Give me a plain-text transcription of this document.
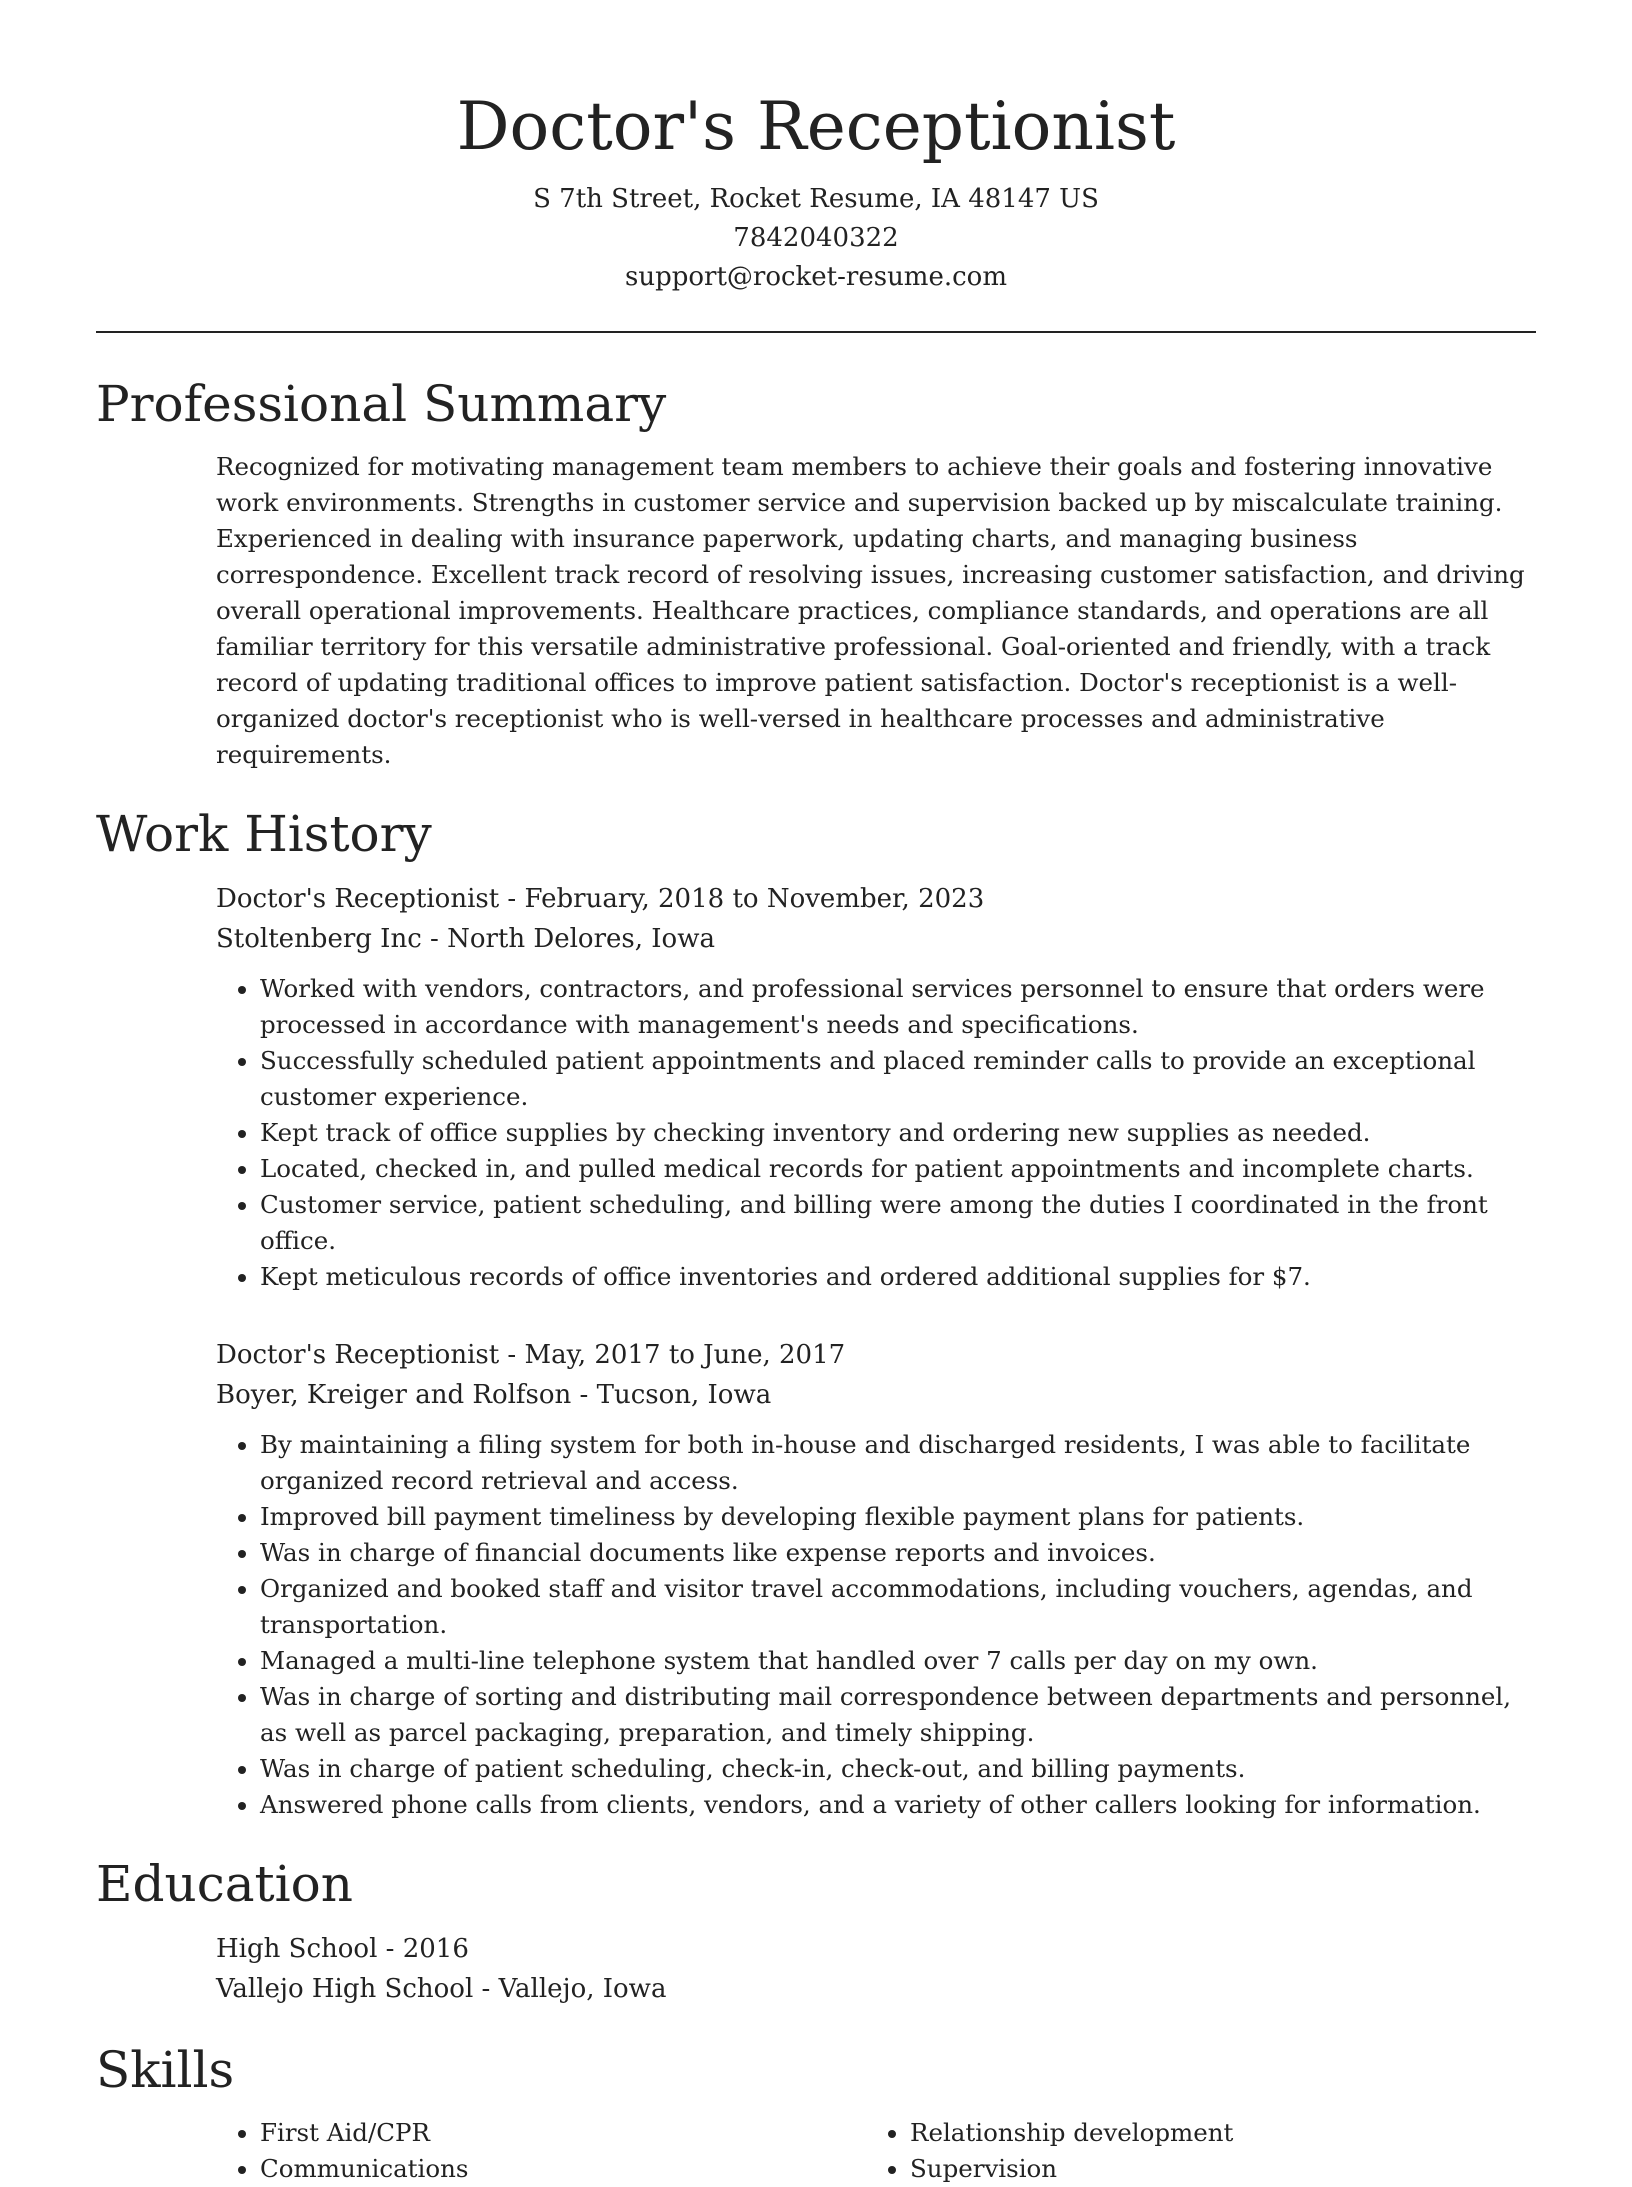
Doctor's Receptionist

S 7th Street, Rocket Resume, IA 48147 US

7842040322

support@rocket-resume.com

Professional Summary

Recognized for motivating management team members to achieve their goals and fostering innovative work environments. Strengths in customer service and supervision backed up by miscalculate training. Experienced in dealing with insurance paperwork, updating charts, and managing business correspondence. Excellent track record of resolving issues, increasing customer satisfaction, and driving overall operational improvements. Healthcare practices, compliance standards, and operations are all familiar territory for this versatile administrative professional. Goal-oriented and friendly, with a track record of updating traditional offices to improve patient satisfaction. Doctor's receptionist is a well-organized doctor's receptionist who is well-versed in healthcare processes and administrative requirements.

Work History

Doctor's Receptionist - February, 2018 to November, 2023

Stoltenberg Inc - North Delores, Iowa

• Worked with vendors, contractors, and professional services personnel to ensure that orders were processed in accordance with management's needs and specifications.
• Successfully scheduled patient appointments and placed reminder calls to provide an exceptional customer experience.
• Kept track of office supplies by checking inventory and ordering new supplies as needed.
• Located, checked in, and pulled medical records for patient appointments and incomplete charts.
• Customer service, patient scheduling, and billing were among the duties I coordinated in the front office.
• Kept meticulous records of office inventories and ordered additional supplies for $7.

Doctor's Receptionist - May, 2017 to June, 2017

Boyer, Kreiger and Rolfson - Tucson, Iowa

• By maintaining a filing system for both in-house and discharged residents, I was able to facilitate organized record retrieval and access.
• Improved bill payment timeliness by developing flexible payment plans for patients.
• Was in charge of financial documents like expense reports and invoices.
• Organized and booked staff and visitor travel accommodations, including vouchers, agendas, and transportation.
• Managed a multi-line telephone system that handled over 7 calls per day on my own.
• Was in charge of sorting and distributing mail correspondence between departments and personnel, as well as parcel packaging, preparation, and timely shipping.
• Was in charge of patient scheduling, check-in, check-out, and billing payments.
• Answered phone calls from clients, vendors, and a variety of other callers looking for information.
Education

High School - 2016

Vallejo High School - Vallejo, Iowa

Skills
• First Aid/CPR
• Communications
• Relationship development
• Supervision
